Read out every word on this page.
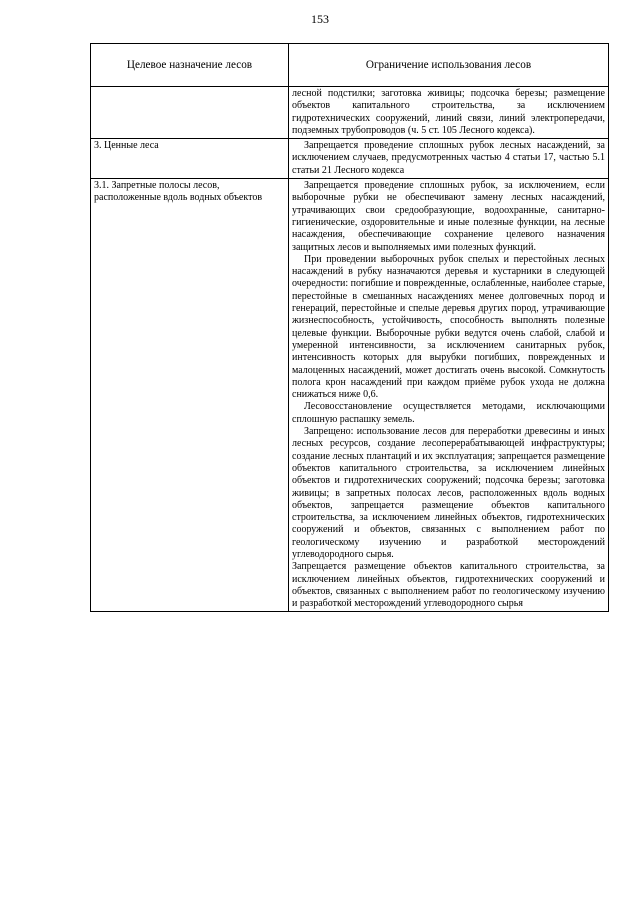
153
Целевое назначение лесов	Ограничение использования лесов

	лесной подстилки; заготовка живицы; подсочка березы; размещение объектов капитального строительства, за исключением гидротехнических сооружений, линий связи, линий электропередачи, подземных трубопроводов (ч. 5 ст. 105 Лесного кодекса).

3. Ценные леса	Запрещается проведение сплошных рубок лесных насаждений, за исключением случаев, предусмотренных частью 4 статьи 17, частью 5.1 статьи 21 Лесного кодекса

3.1. Запретные полосы лесов, расположенные вдоль водных объектов	Запрещается проведение сплошных рубок, за исключением, если выборочные рубки не обеспечивают замену лесных насаждений, утрачивающих свои средообразующие, водоохранные, санитарно-гигиенические, оздоровительные и иные полезные функции, на лесные насаждения, обеспечивающие сохранение целевого назначения защитных лесов и выполняемых ими полезных функций.

При проведении выборочных рубок спелых и перестойных лесных насаждений в рубку назначаются деревья и кустарники в следующей очередности: погибшие и поврежденные, ослабленные, наиболее старые, перестойные в смешанных насаждениях менее долговечных пород и генераций, перестойные и спелые деревья других пород, утрачивающие жизнеспособность, устойчивость, способность выполнять полезные целевые функции. Выборочные рубки ведутся очень слабой, слабой и умеренной интенсивности, за исключением санитарных рубок, интенсивность которых для вырубки погибших, поврежденных и малоценных насаждений, может достигать очень высокой. Сомкнутость полога крон насаждений при каждом приёме рубок ухода не должна снижаться ниже 0,6.

Лесовосстановление осуществляется методами, исключающими сплошную распашку земель.

Запрещено: использование лесов для переработки древесины и иных лесных ресурсов, создание лесоперерабатывающей инфраструктуры; создание лесных плантаций и их эксплуатация; запрещается размещение объектов капитального строительства, за исключением линейных объектов и гидротехнических сооружений; подсочка березы; заготовка живицы; в запретных полосах лесов, расположенных вдоль водных объектов, запрещается размещение объектов капитального строительства, за исключением линейных объектов, гидротехнических сооружений и объектов, связанных с выполнением работ по геологическому изучению и разработкой месторождений углеводородного сырья.

Запрещается размещение объектов капитального строительства, за исключением линейных объектов, гидротехнических сооружений и объектов, связанных с выполнением работ по геологическому изучению и разработкой месторождений углеводородного сырья
